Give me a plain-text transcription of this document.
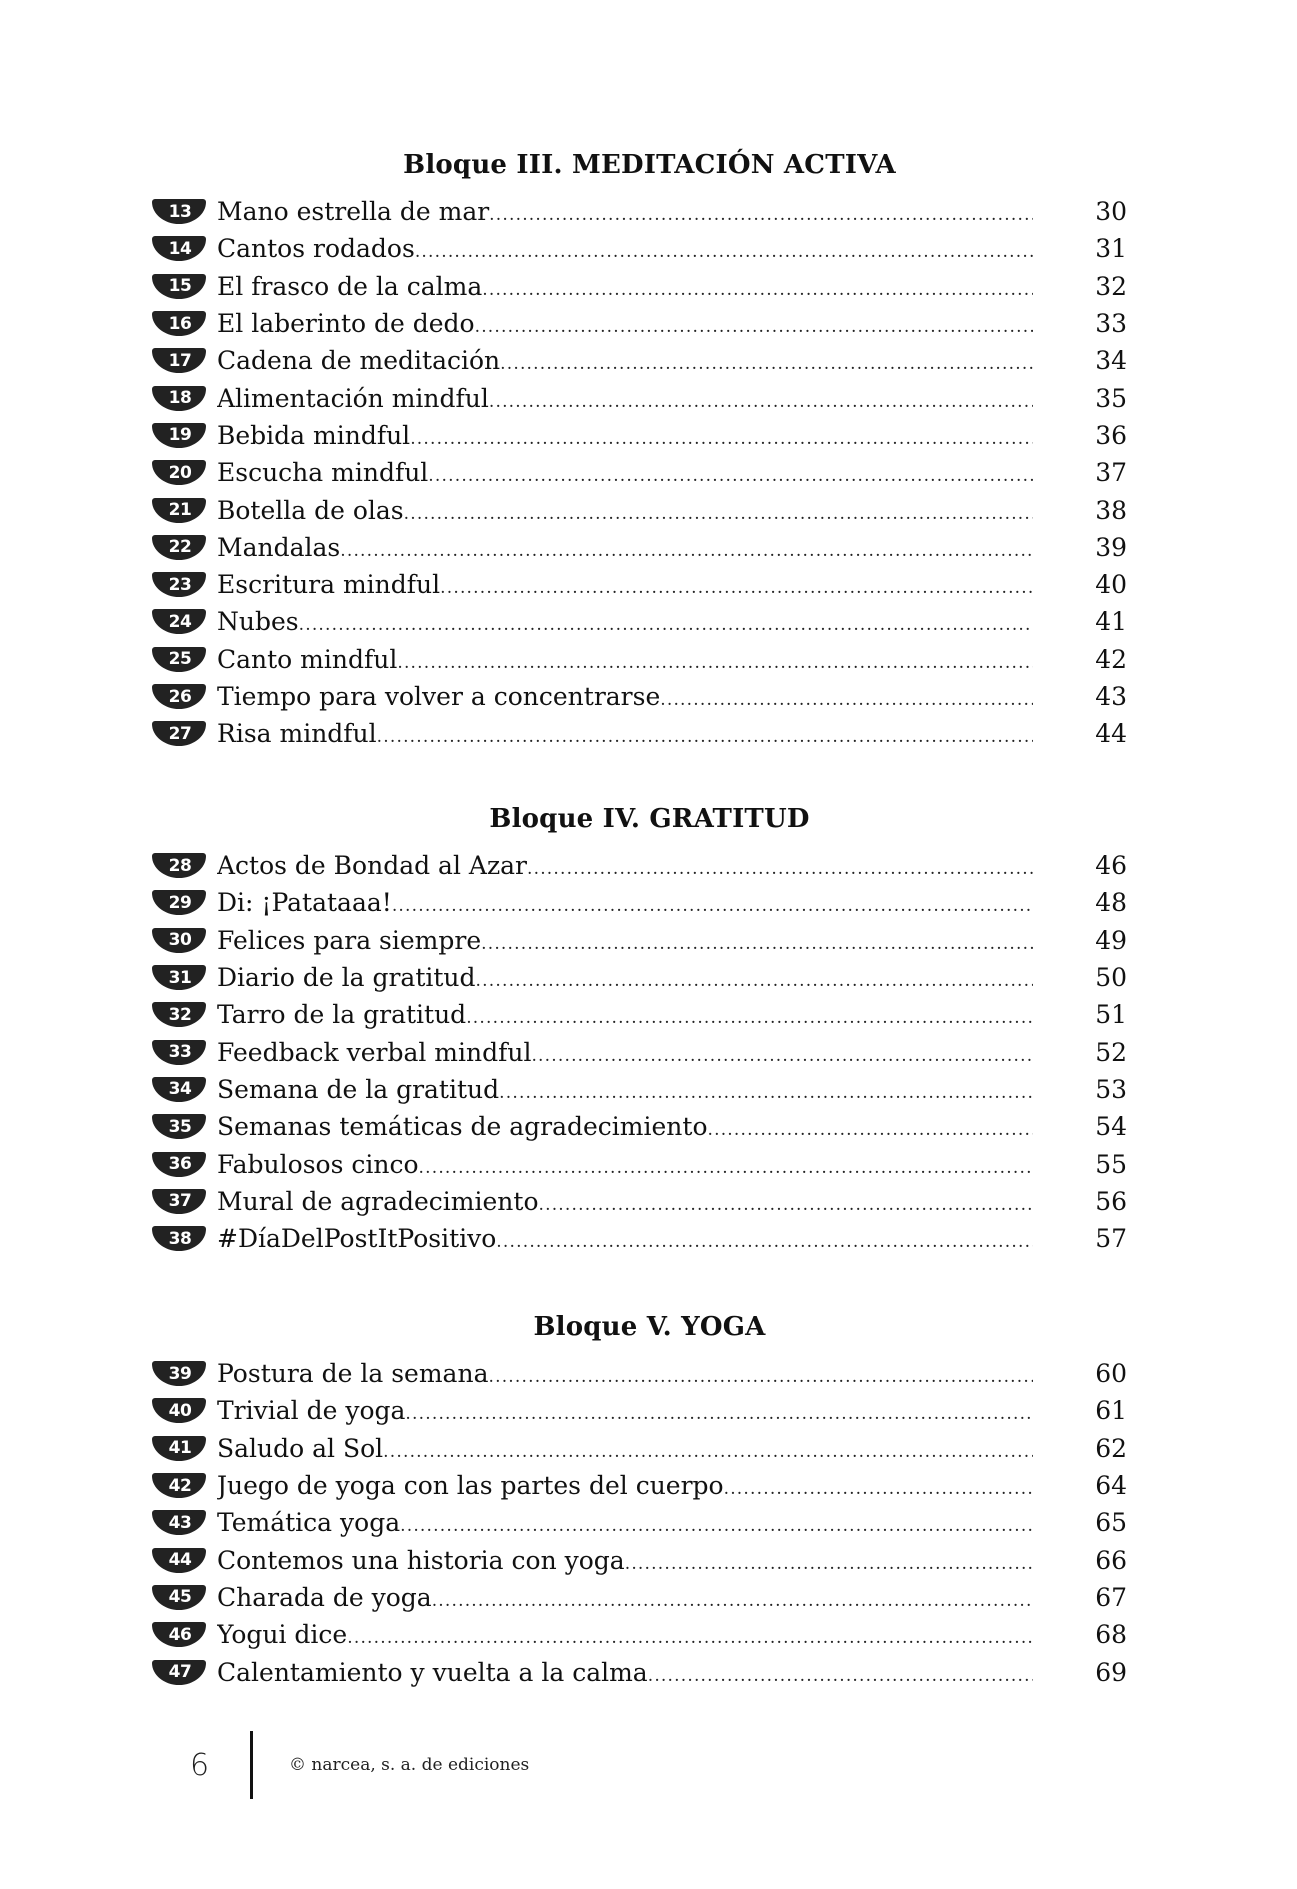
Bloque III. MEDITACIÓN ACTIVA
13	Mano estrella de mar .....	30
14	Cantos rodados .....	31
15	El frasco de la calma .....	32
16	El laberinto de dedo .....	33
17	Cadena de meditación .....	34
18	Alimentación mindful .....	35
19	Bebida mindful .....	36
20	Escucha mindful .....	37
21	Botella de olas .....	38
22	Mandalas .....	39
23	Escritura mindful .....	40
24	Nubes .....	41
25	Canto mindful .....	42
26	Tiempo para volver a concentrarse .....	43
27	Risa mindful .....	44
Bloque IV. GRATITUD
28	Actos de Bondad al Azar .....	46
29	Di: ¡Patataaa! .....	48
30	Felices para siempre .....	49
31	Diario de la gratitud .....	50
32	Tarro de la gratitud .....	51
33	Feedback verbal mindful .....	52
34	Semana de la gratitud .....	53
35	Semanas temáticas de agradecimiento .....	54
36	Fabulosos cinco .....	55
37	Mural de agradecimiento .....	56
38	#DíaDelPostItPositivo .....	57
Bloque V. YOGA
39	Postura de la semana .....	60
40	Trivial de yoga .....	61
41	Saludo al Sol .....	62
42	Juego de yoga con las partes del cuerpo .....	64
43	Temática yoga .....	65
44	Contemos una historia con yoga .....	66
45	Charada de yoga .....	67
46	Yogui dice .....	68
47	Calentamiento y vuelta a la calma .....	69
6	© narcea, s. a. de ediciones
